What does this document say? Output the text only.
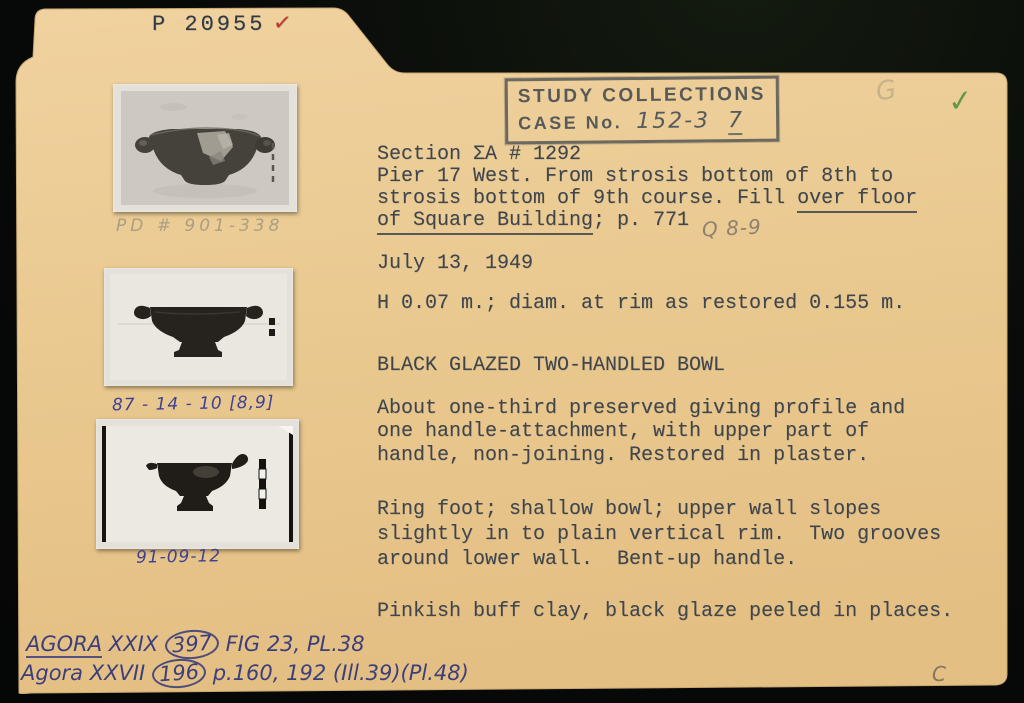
P 20955 ✓
G ✓
STUDY COLLECTIONS
CASE No. 152-3 7
PD # 901-338
87 - 14 - 10 [8,9]
91-09-12
Section ΣA # 1292
Pier 17 West. From strosis bottom of 8th to
strosis bottom of 9th course. Fill over floor
of Square Building; p. 771 Q 8-9
July 13, 1949
H 0.07 m.; diam. at rim as restored 0.155 m.
BLACK GLAZED TWO-HANDLED BOWL
About one-third preserved giving profile and
one handle-attachment, with upper part of
handle, non-joining. Restored in plaster.
Ring foot; shallow bowl; upper wall slopes
slightly in to plain vertical rim.  Two grooves
around lower wall.  Bent-up handle.
Pinkish buff clay, black glaze peeled in places.
AGORA XXIX 397 FIG 23, PL.38
Agora XXVII 196 p.160, 192 (Ill.39)(Pl.48)	C
